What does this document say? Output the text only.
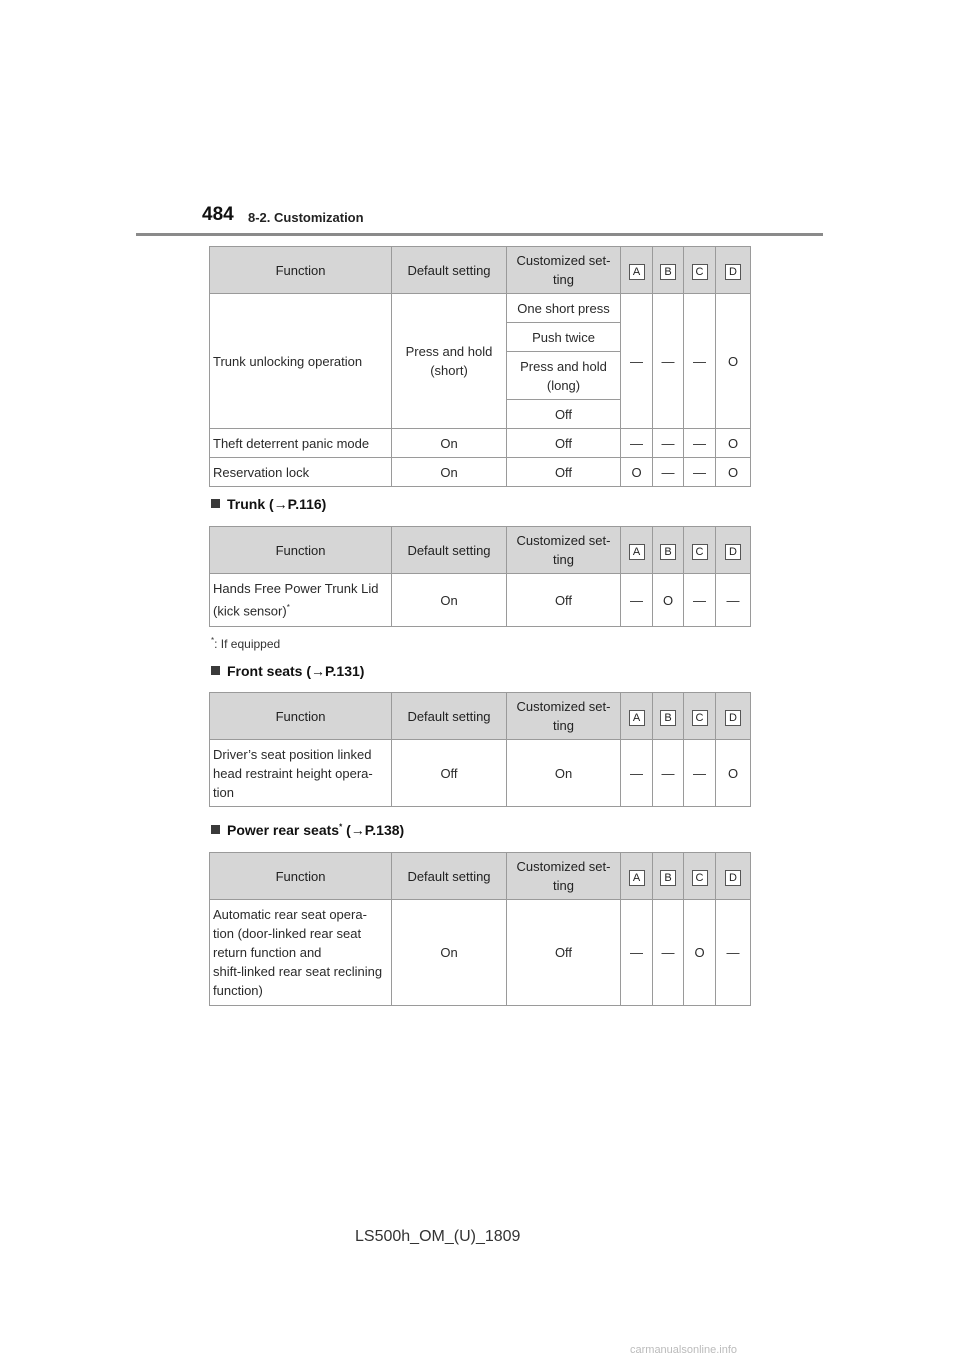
484 8-2. Customization
Function	Default setting	Customized set-
ting	A	B	C	D
Trunk unlocking operation	Press and hold
(short)	One short press	—	—	—	O
		Push twice				
		Press and hold
(long)				
		Off				
Theft deterrent panic mode	On	Off	—	—	—	O
Reservation lock	On	Off	O	—	—	O
Trunk (→P.116)
Function	Default setting	Customized set-
ting	A	B	C	D
Hands Free Power Trunk Lid
(kick sensor)*	On	Off	—	O	—	—
*: If equipped
Front seats (→P.131)
Function	Default setting	Customized set-
ting	A	B	C	D
Driver’s seat position linked
head restraint height opera-
tion	Off	On	—	—	—	O
Power rear seats* (→P.138)
Function	Default setting	Customized set-
ting	A	B	C	D
Automatic rear seat opera-
tion (door-linked rear seat
return function and
shift-linked rear seat reclining
function)	On	Off	—	—	O	—
LS500h_OM_(U)_1809
carmanualsonline.info
